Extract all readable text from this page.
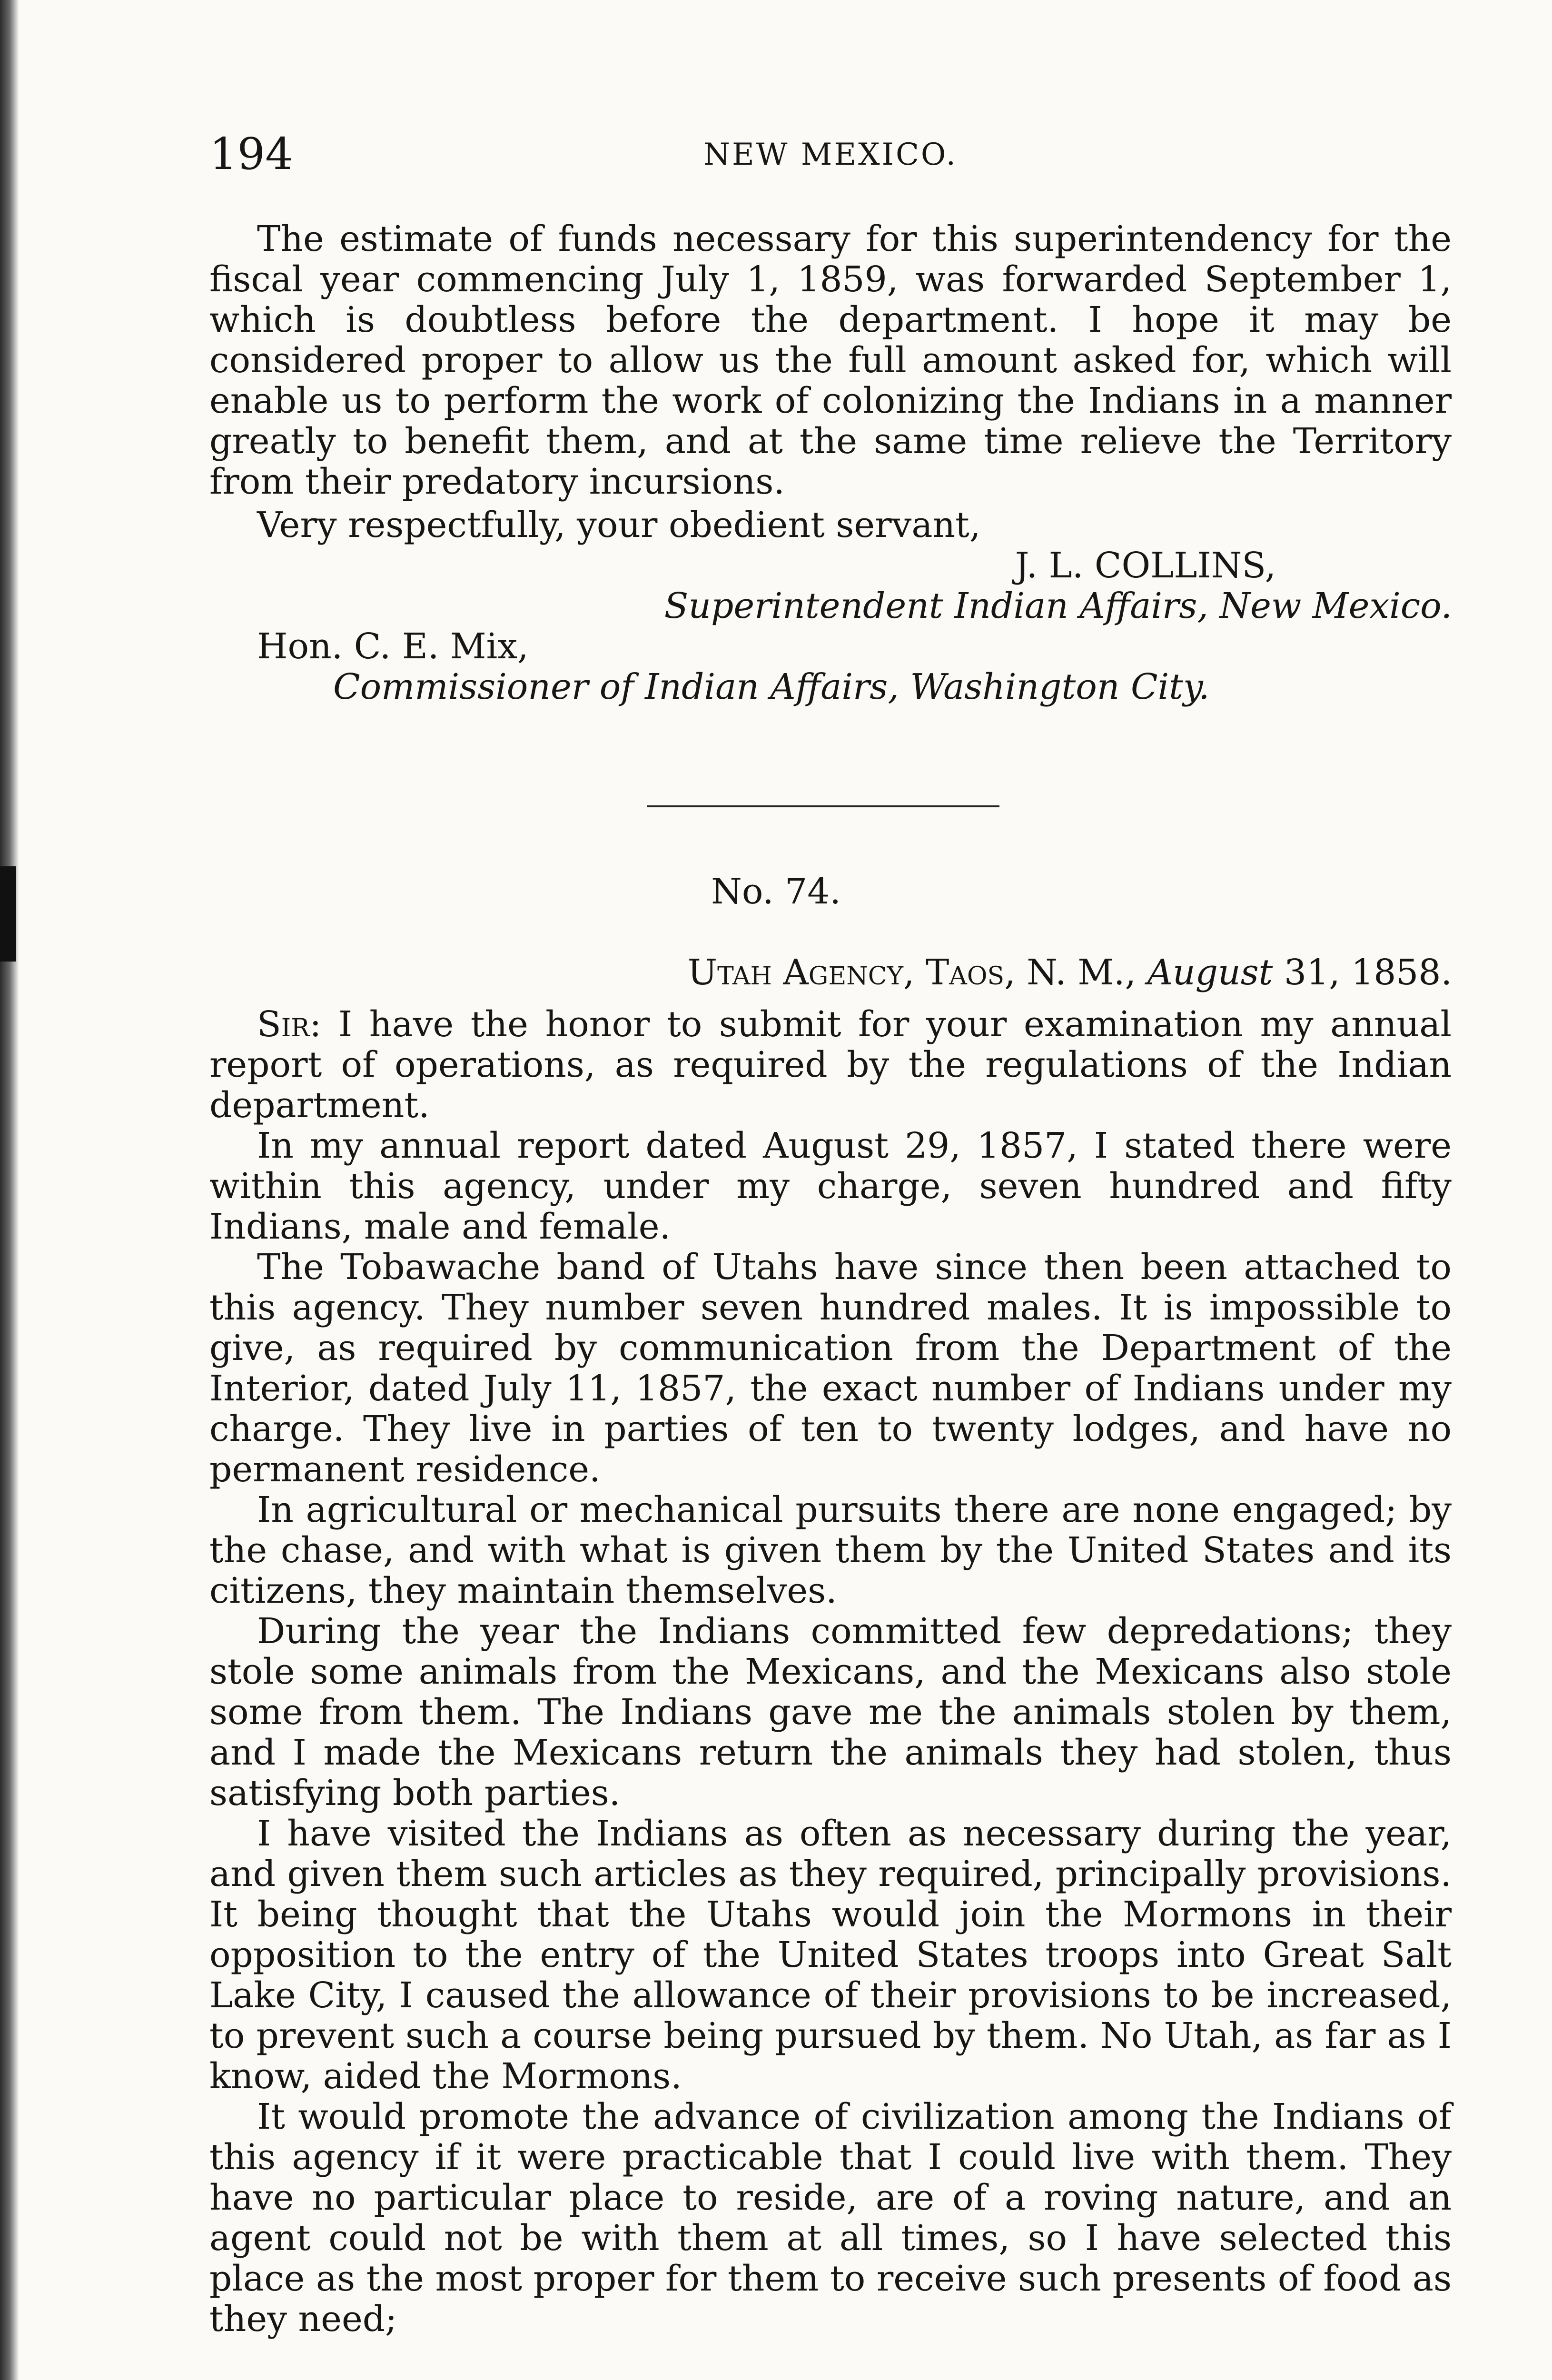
194	NEW MEXICO.

The estimate of funds necessary for this superintendency for the fiscal year commencing July 1, 1859, was forwarded September 1, which is doubtless before the department. I hope it may be considered proper to allow us the full amount asked for, which will enable us to perform the work of colonizing the Indians in a manner greatly to benefit them, and at the same time relieve the Territory from their predatory incursions.

Very respectfully, your obedient servant,
J. L. COLLINS,
Superintendent Indian Affairs, New Mexico.
Hon. C. E. Mix,
Commissioner of Indian Affairs, Washington City.
No. 74.
Utah Agency, Taos, N. M., August 31, 1858.

Sir: I have the honor to submit for your examination my annual report of operations, as required by the regulations of the Indian department.

In my annual report dated August 29, 1857, I stated there were within this agency, under my charge, seven hundred and fifty Indians, male and female.

The Tobawache band of Utahs have since then been attached to this agency. They number seven hundred males. It is impossible to give, as required by communication from the Department of the Interior, dated July 11, 1857, the exact number of Indians under my charge. They live in parties of ten to twenty lodges, and have no permanent residence.

In agricultural or mechanical pursuits there are none engaged; by the chase, and with what is given them by the United States and its citizens, they maintain themselves.

During the year the Indians committed few depredations; they stole some animals from the Mexicans, and the Mexicans also stole some from them. The Indians gave me the animals stolen by them, and I made the Mexicans return the animals they had stolen, thus satisfying both parties.

I have visited the Indians as often as necessary during the year, and given them such articles as they required, principally provisions. It being thought that the Utahs would join the Mormons in their opposition to the entry of the United States troops into Great Salt Lake City, I caused the allowance of their provisions to be increased, to prevent such a course being pursued by them. No Utah, as far as I know, aided the Mormons.

It would promote the advance of civilization among the Indians of this agency if it were practicable that I could live with them. They have no particular place to reside, are of a roving nature, and an agent could not be with them at all times, so I have selected this place as the most proper for them to receive such presents of food as they need;
